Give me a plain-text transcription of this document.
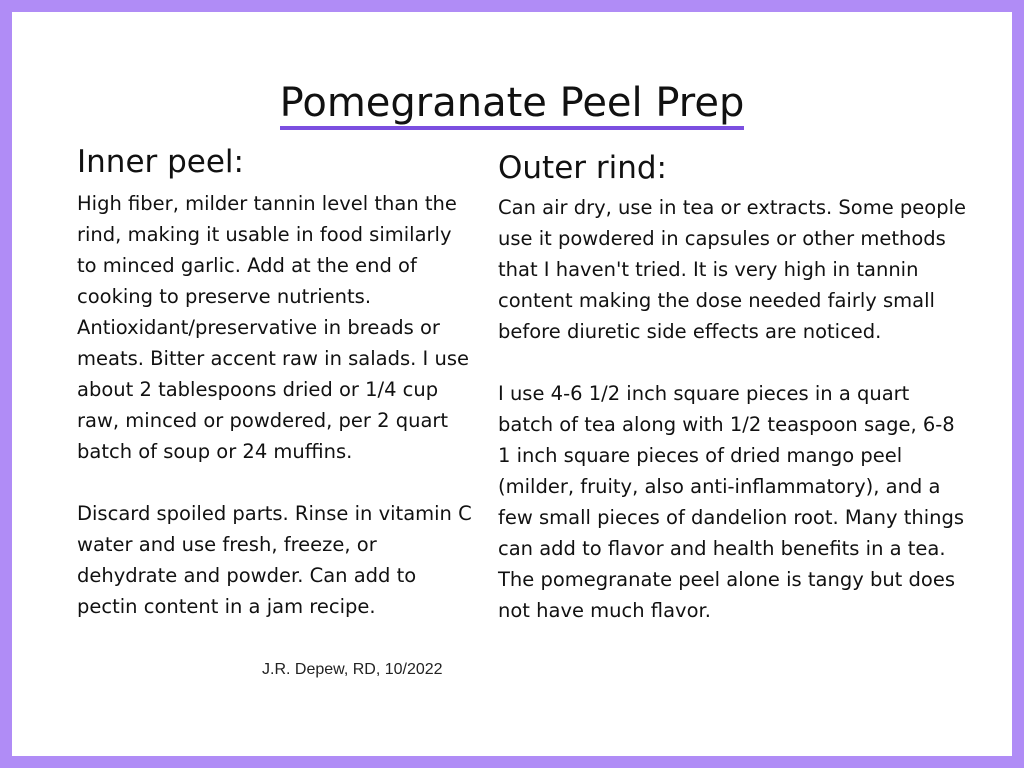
Pomegranate Peel Prep
Inner peel:

High fiber, milder tannin level than the rind, making it usable in food similarly to minced garlic. Add at the end of cooking to preserve nutrients. Antioxidant/preservative in breads or meats. Bitter accent raw in salads. I use about 2 tablespoons dried or 1/4 cup raw, minced or powdered, per 2 quart batch of soup or 24 muffins.

Discard spoiled parts. Rinse in vitamin C water and use fresh, freeze, or dehydrate and powder. Can add to pectin content in a jam recipe.

Outer rind:

Can air dry, use in tea or extracts. Some people use it powdered in capsules or other methods that I haven't tried. It is very high in tannin content making the dose needed fairly small before diuretic side effects are noticed.

I use 4-6 1/2 inch square pieces in a quart batch of tea along with 1/2 teaspoon sage, 6-8 1 inch square pieces of dried mango peel (milder, fruity, also anti-inflammatory), and a few small pieces of dandelion root. Many things can add to flavor and health benefits in a tea. The pomegranate peel alone is tangy but does not have much flavor.

J.R. Depew, RD, 10/2022
